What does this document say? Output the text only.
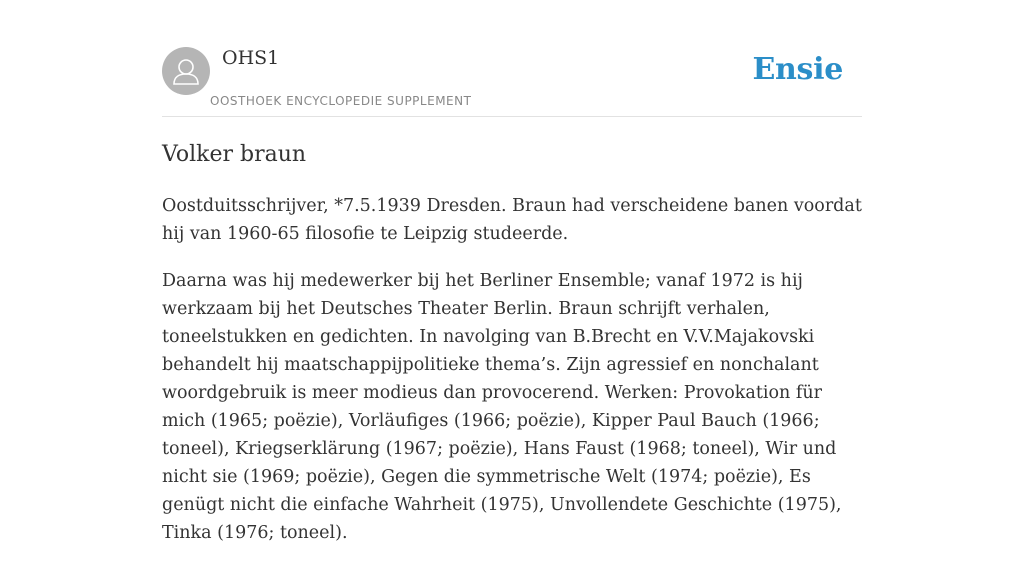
OHS1
OOSTHOEK ENCYCLOPEDIE SUPPLEMENT
Ensie
Volker braun

Oostduitsschrijver, *7.5.1939 Dresden. Braun had verscheidene banen voordat hij van 1960-65 filosofie te Leipzig studeerde.

Daarna was hij medewerker bij het Berliner Ensemble; vanaf 1972 is hij werkzaam bij het Deutsches Theater Berlin. Braun schrijft verhalen, toneelstukken en gedichten. In navolging van B.Brecht en V.V.Majakovski behandelt hij maatschappijpolitieke thema’s. Zijn agressief en nonchalant woordgebruik is meer modieus dan provocerend. Werken: Provokation für mich (1965; poëzie), Vorläufiges (1966; poëzie), Kipper Paul Bauch (1966; toneel), Kriegserklärung (1967; poëzie), Hans Faust (1968; toneel), Wir und nicht sie (1969; poëzie), Gegen die symmetrische Welt (1974; poëzie), Es genügt nicht die einfache Wahrheit (1975), Unvollendete Geschichte (1975), Tinka (1976; toneel).
